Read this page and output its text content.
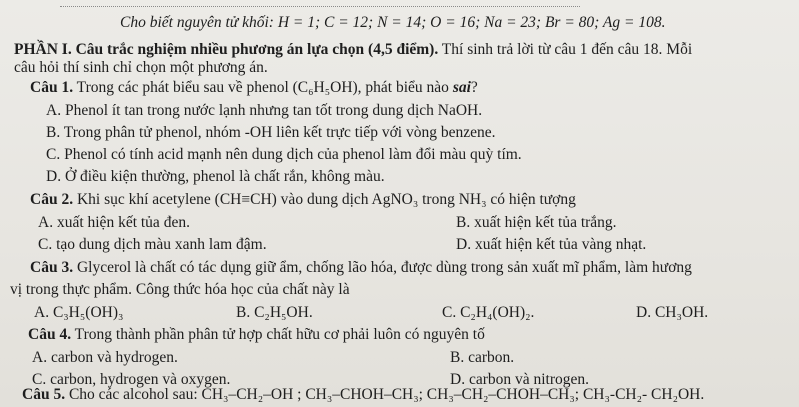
Cho biết nguyên tử khối: H = 1; C = 12; N = 14; O = 16; Na = 23; Br = 80; Ag = 108.
PHẦN I. Câu trắc nghiệm nhiều phương án lựa chọn (4,5 điểm). Thí sinh trả lời từ câu 1 đến câu 18. Mỗi
câu hỏi thí sinh chỉ chọn một phương án.
Câu 1. Trong các phát biểu sau về phenol (C₆H₅OH), phát biểu nào sai?
A. Phenol ít tan trong nước lạnh nhưng tan tốt trong dung dịch NaOH.
B. Trong phân tử phenol, nhóm -OH liên kết trực tiếp với vòng benzene.
C. Phenol có tính acid mạnh nên dung dịch của phenol làm đổi màu quỳ tím.
D. Ở điều kiện thường, phenol là chất rắn, không màu.
Câu 2. Khi sục khí acetylene (CH≡CH) vào dung dịch AgNO₃ trong NH₃ có hiện tượng
A. xuất hiện kết tủa đen.	B. xuất hiện kết tủa trắng.
C. tạo dung dịch màu xanh lam đậm.	D. xuất hiện kết tủa vàng nhạt.
Câu 3. Glycerol là chất có tác dụng giữ ẩm, chống lão hóa, được dùng trong sản xuất mĩ phẩm, làm hương
vị trong thực phẩm. Công thức hóa học của chất này là
A. C₃H₅(OH)₃	B. C₂H₅OH.	C. C₂H₄(OH)₂.	D. CH₃OH.
Câu 4. Trong thành phần phân tử hợp chất hữu cơ phải luôn có nguyên tố
A. carbon và hydrogen.	B. carbon.
C. carbon, hydrogen và oxygen.	D. carbon và nitrogen.
Câu 5. Cho các alcohol sau: CH₃–CH₂–OH ; CH₃–CHOH–CH₃; CH₃–CH₂–CHOH–CH₃; CH₃-CH₂- CH₂OH.
